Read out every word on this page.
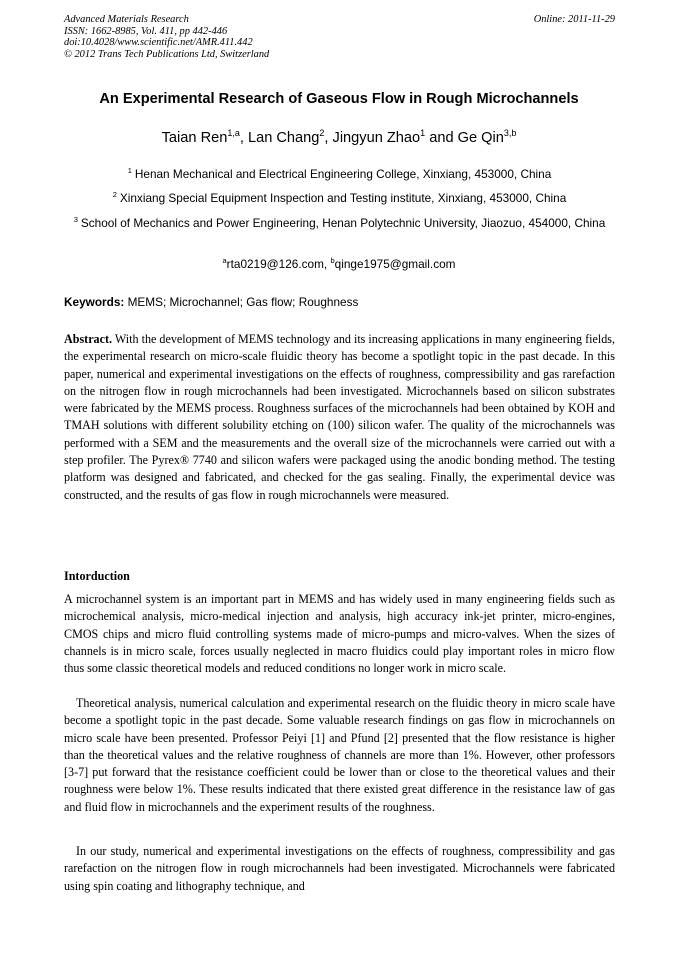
Advanced Materials Research
ISSN: 1662-8985, Vol. 411, pp 442-446
doi:10.4028/www.scientific.net/AMR.411.442
© 2012 Trans Tech Publications Ltd, Switzerland
Online: 2011-11-29
An Experimental Research of Gaseous Flow in Rough Microchannels
Taian Ren$^{1,a}$, Lan Chang$^2$, Jingyun Zhao$^1$ and Ge Qin$^{3,b}$
$^1$ Henan Mechanical and Electrical Engineering College, Xinxiang, 453000, China
$^2$ Xinxiang Special Equipment Inspection and Testing institute, Xinxiang, 453000, China
$^3$ School of Mechanics and Power Engineering, Henan Polytechnic University, Jiaozuo, 454000, China
$^a$rta0219@126.com, $^b$qinge1975@gmail.com
Keywords: MEMS; Microchannel; Gas flow; Roughness
Abstract. With the development of MEMS technology and its increasing applications in many engineering fields, the experimental research on micro-scale fluidic theory has become a spotlight topic in the past decade. In this paper, numerical and experimental investigations on the effects of roughness, compressibility and gas rarefaction on the nitrogen flow in rough microchannels had been investigated. Microchannels based on silicon substrates were fabricated by the MEMS process. Roughness surfaces of the microchannels had been obtained by KOH and TMAH solutions with different solubility etching on (100) silicon wafer. The quality of the microchannels was performed with a SEM and the measurements and the overall size of the microchannels were carried out with a step profiler. The Pyrex® 7740 and silicon wafers were packaged using the anodic bonding method. The testing platform was designed and fabricated, and checked for the gas sealing. Finally, the experimental device was constructed, and the results of gas flow in rough microchannels were measured.
Intorduction
A microchannel system is an important part in MEMS and has widely used in many engineering fields such as microchemical analysis, micro-medical injection and analysis, high accuracy ink-jet printer, micro-engines, CMOS chips and micro fluid controlling systems made of micro-pumps and micro-valves. When the sizes of channels is in micro scale, forces usually neglected in macro fluidics could play important roles in micro flow thus some classic theoretical models and reduced conditions no longer work in micro scale.
Theoretical analysis, numerical calculation and experimental research on the fluidic theory in micro scale have become a spotlight topic in the past decade. Some valuable research findings on gas flow in microchannels on micro scale have been presented. Professor Peiyi [1] and Pfund [2] presented that the flow resistance is higher than the theoretical values and the relative roughness of channels are more than 1%. However, other professors [3-7] put forward that the resistance coefficient could be lower than or close to the theoretical values and their roughness were below 1%. These results indicated that there existed great difference in the resistance law of gas and fluid flow in microchannels and the experiment results of the roughness.
In our study, numerical and experimental investigations on the effects of roughness, compressibility and gas rarefaction on the nitrogen flow in rough microchannels had been investigated. Microchannels were fabricated using spin coating and lithography technique, and
